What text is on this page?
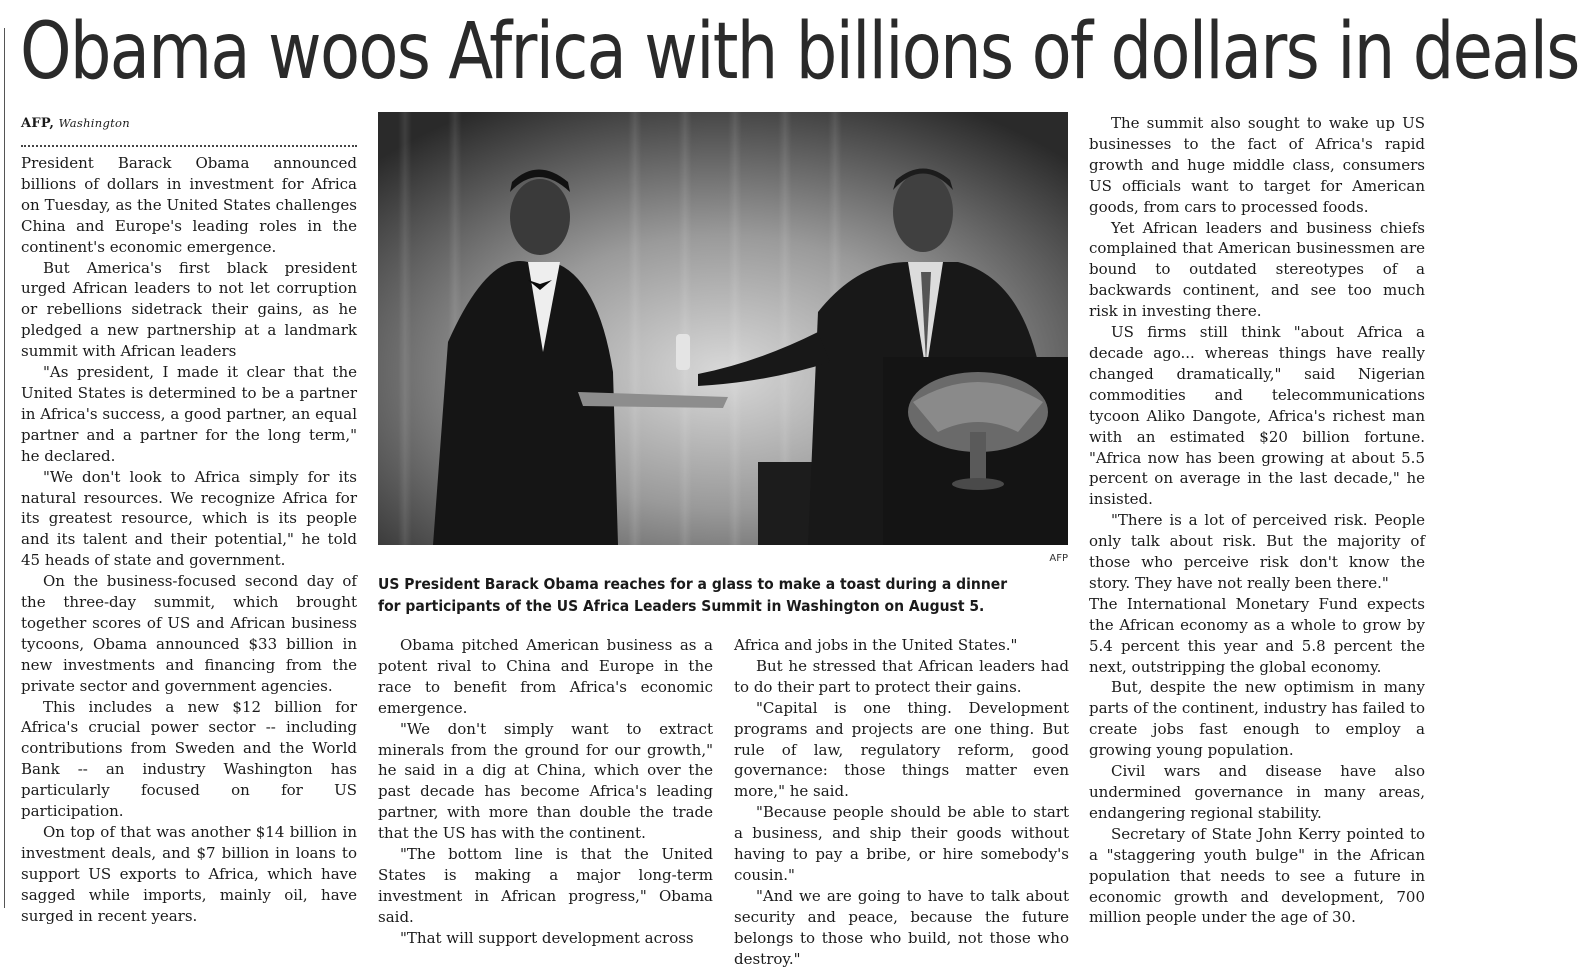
Obama woos Africa with billions of dollars in deals

AFP, Washington

President Barack Obama announced billions of dollars in investment for Africa on Tuesday, as the United States challenges China and Europe's leading roles in the continent's economic emergence.

But America's first black president urged African leaders to not let corruption or rebellions sidetrack their gains, as he pledged a new partnership at a landmark summit with African leaders

"As president, I made it clear that the United States is determined to be a partner in Africa's success, a good partner, an equal partner and a partner for the long term," he declared.

"We don't look to Africa simply for its natural resources. We recognize Africa for its greatest resource, which is its people and its talent and their potential," he told 45 heads of state and government.

On the business-focused second day of the three-day summit, which brought together scores of US and African business tycoons, Obama announced $33 billion in new investments and financing from the private sector and government agencies.

This includes a new $12 billion for Africa's crucial power sector -- including contributions from Sweden and the World Bank -- an industry Washington has particularly focused on for US participation.

On top of that was another $14 billion in investment deals, and $7 billion in loans to support US exports to Africa, which have sagged while imports, mainly oil, have surged in recent years.

AFP

US President Barack Obama reaches for a glass to make a toast during a dinner for participants of the US Africa Leaders Summit in Washington on August 5.

Obama pitched American business as a potent rival to China and Europe in the race to benefit from Africa's economic emergence.

"We don't simply want to extract minerals from the ground for our growth," he said in a dig at China, which over the past decade has become Africa's leading partner, with more than double the trade that the US has with the continent.

"The bottom line is that the United States is making a major long-term investment in African progress," Obama said.

"That will support development across

Africa and jobs in the United States."

But he stressed that African leaders had to do their part to protect their gains.

"Capital is one thing. Development programs and projects are one thing. But rule of law, regulatory reform, good governance: those things matter even more," he said.

"Because people should be able to start a business, and ship their goods without having to pay a bribe, or hire somebody's cousin."

"And we are going to have to talk about security and peace, because the future belongs to those who build, not those who destroy."

The summit also sought to wake up US businesses to the fact of Africa's rapid growth and huge middle class, consumers US officials want to target for American goods, from cars to processed foods.

Yet African leaders and business chiefs complained that American businessmen are bound to outdated stereotypes of a backwards continent, and see too much risk in investing there.

US firms still think "about Africa a decade ago... whereas things have really changed dramatically," said Nigerian commodities and telecommunications tycoon Aliko Dangote, Africa's richest man with an estimated $20 billion fortune. "Africa now has been growing at about 5.5 percent on average in the last decade," he insisted.

"There is a lot of perceived risk. People only talk about risk. But the majority of those who perceive risk don't know the story. They have not really been there."

The International Monetary Fund expects the African economy as a whole to grow by 5.4 percent this year and 5.8 percent the next, outstripping the global economy.

But, despite the new optimism in many parts of the continent, industry has failed to create jobs fast enough to employ a growing young population.

Civil wars and disease have also undermined governance in many areas, endangering regional stability.

Secretary of State John Kerry pointed to a "staggering youth bulge" in the African population that needs to see a future in economic growth and development, 700 million people under the age of 30.
